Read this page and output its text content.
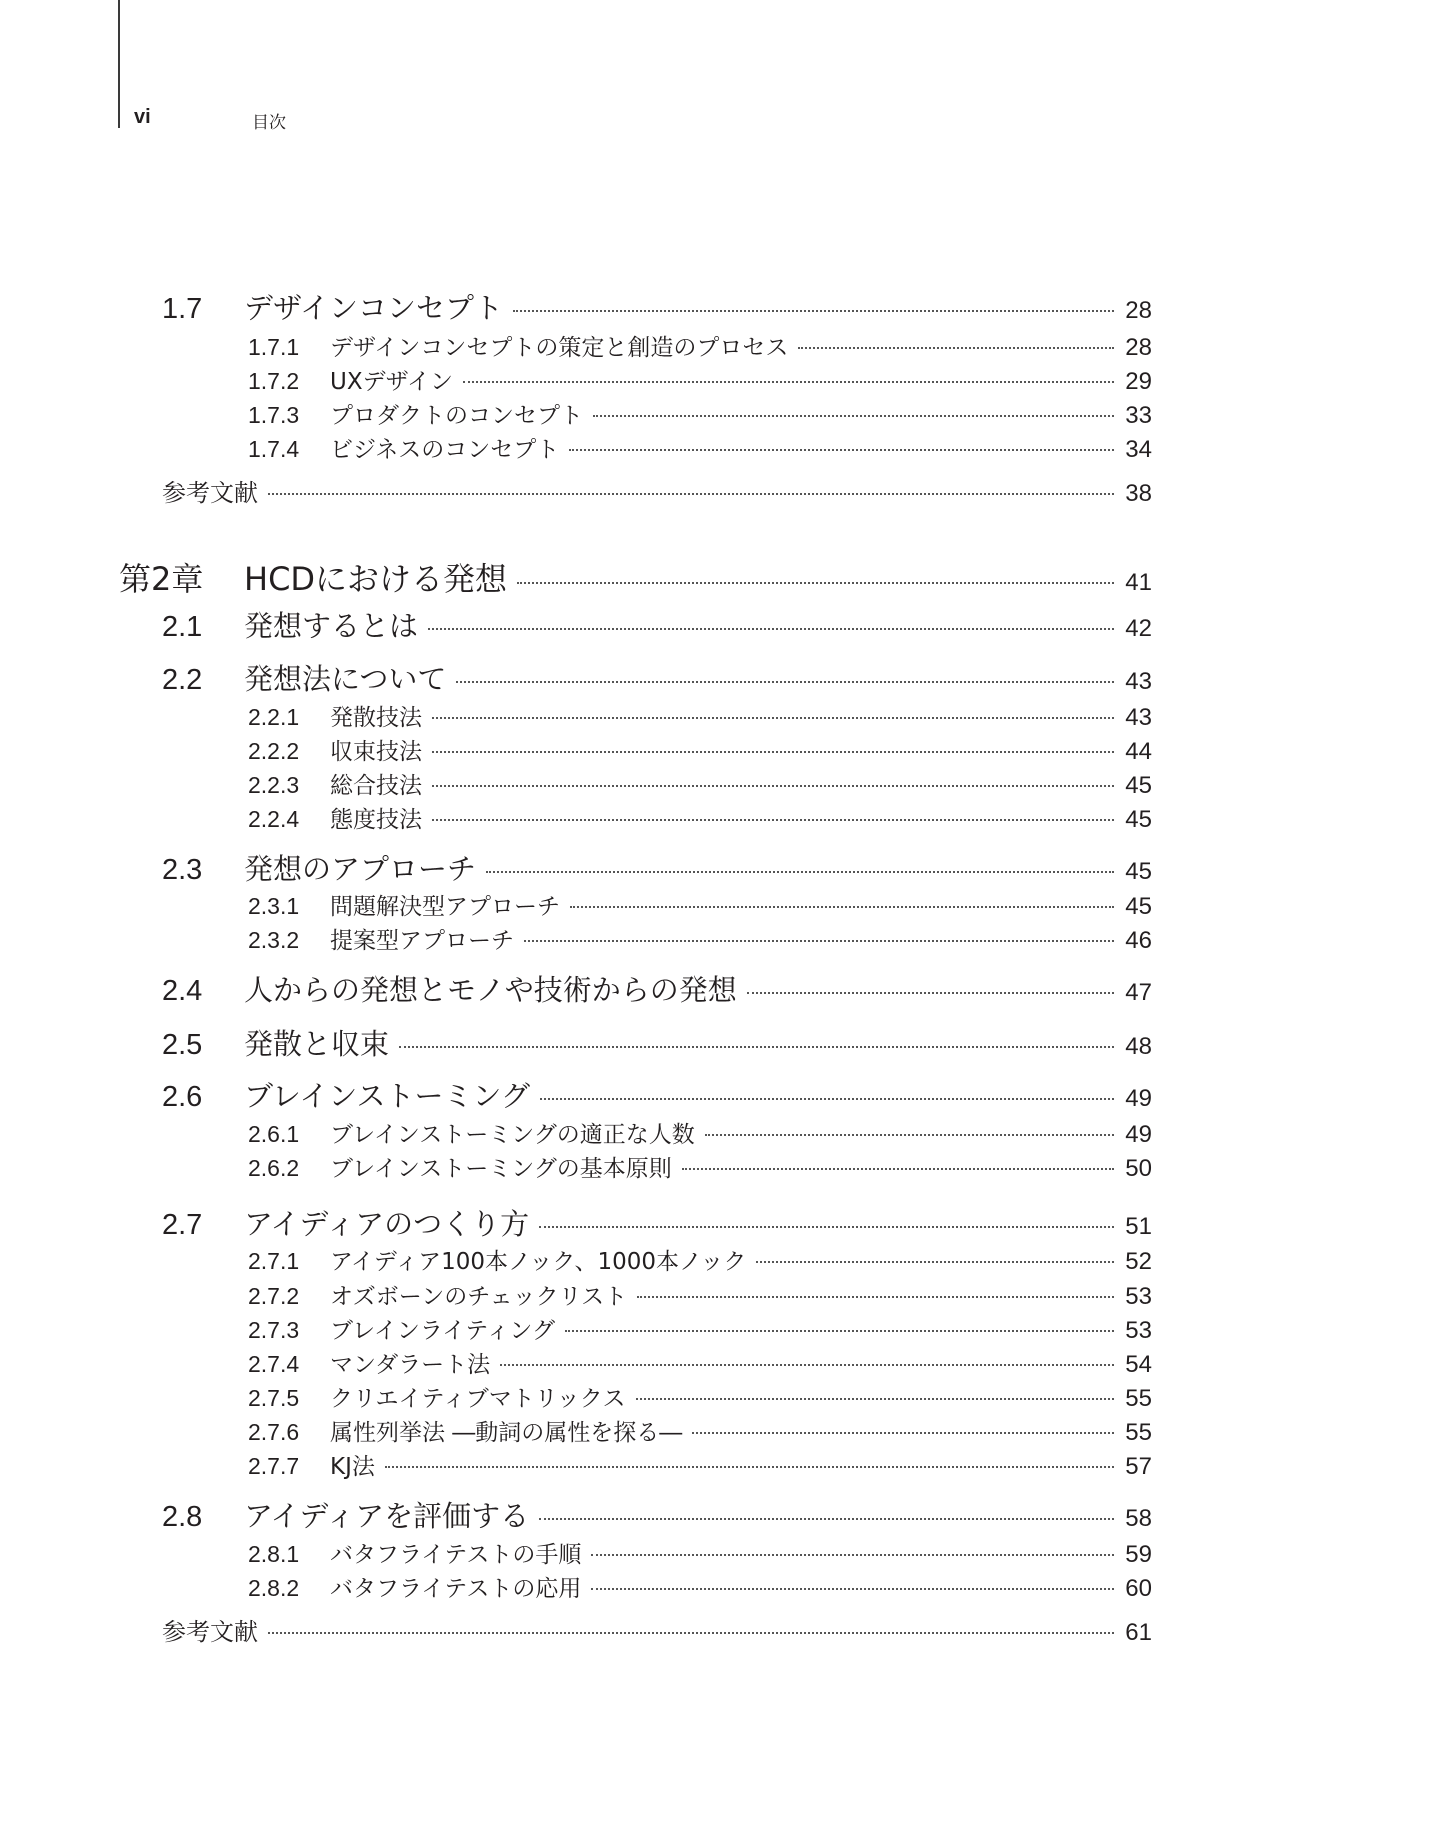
vi	目次
1.7	デザインコンセプト	28
1.7.1	デザインコンセプトの策定と創造のプロセス	28
1.7.2	UXデザイン	29
1.7.3	プロダクトのコンセプト	33
1.7.4	ビジネスのコンセプト	34
参考文献	38
第2章	HCDにおける発想	41
2.1	発想するとは	42
2.2	発想法について	43
2.2.1	発散技法	43
2.2.2	収束技法	44
2.2.3	総合技法	45
2.2.4	態度技法	45
2.3	発想のアプローチ	45
2.3.1	問題解決型アプローチ	45
2.3.2	提案型アプローチ	46
2.4	人からの発想とモノや技術からの発想	47
2.5	発散と収束	48
2.6	ブレインストーミング	49
2.6.1	ブレインストーミングの適正な人数	49
2.6.2	ブレインストーミングの基本原則	50
2.7	アイディアのつくり方	51
2.7.1	アイディア100本ノック、1000本ノック	52
2.7.2	オズボーンのチェックリスト	53
2.7.3	ブレインライティング	53
2.7.4	マンダラート法	54
2.7.5	クリエイティブマトリックス	55
2.7.6	属性列挙法 ―動詞の属性を探る―	55
2.7.7	KJ法	57
2.8	アイディアを評価する	58
2.8.1	バタフライテストの手順	59
2.8.2	バタフライテストの応用	60
参考文献	61
